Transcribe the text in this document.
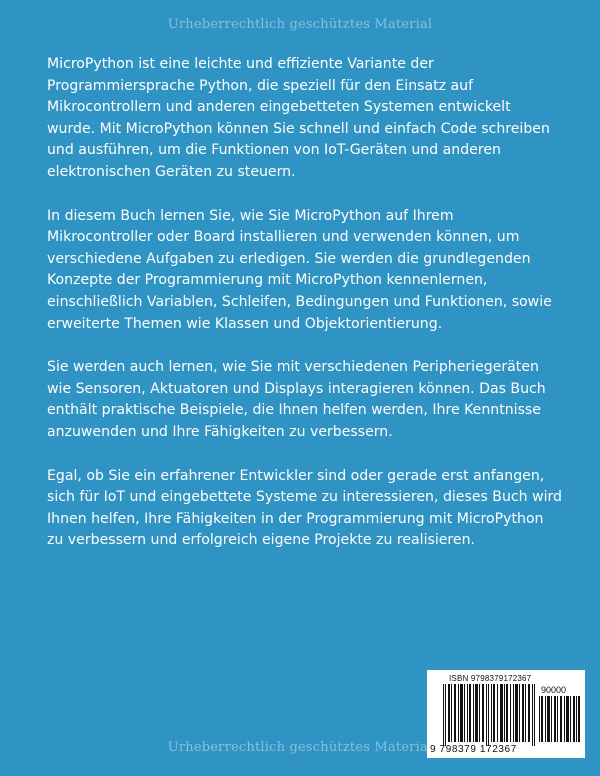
Urheberrechtlich geschütztes Material

MicroPython ist eine leichte und effiziente Variante der
Programmiersprache Python, die speziell für den Einsatz auf
Mikrocontrollern und anderen eingebetteten Systemen entwickelt
wurde. Mit MicroPython können Sie schnell und einfach Code schreiben
und ausführen, um die Funktionen von IoT-Geräten und anderen
elektronischen Geräten zu steuern.

In diesem Buch lernen Sie, wie Sie MicroPython auf Ihrem
Mikrocontroller oder Board installieren und verwenden können, um
verschiedene Aufgaben zu erledigen. Sie werden die grundlegenden
Konzepte der Programmierung mit MicroPython kennenlernen,
einschließlich Variablen, Schleifen, Bedingungen und Funktionen, sowie
erweiterte Themen wie Klassen und Objektorientierung.

Sie werden auch lernen, wie Sie mit verschiedenen Peripheriegeräten
wie Sensoren, Aktuatoren und Displays interagieren können. Das Buch
enthält praktische Beispiele, die Ihnen helfen werden, Ihre Kenntnisse
anzuwenden und Ihre Fähigkeiten zu verbessern.

Egal, ob Sie ein erfahrener Entwickler sind oder gerade erst anfangen,
sich für IoT und eingebettete Systeme zu interessieren, dieses Buch wird
Ihnen helfen, Ihre Fähigkeiten in der Programmierung mit MicroPython
zu verbessern und erfolgreich eigene Projekte zu realisieren.

ISBN 9798379172367
90000
9 798379 172367
Urheberrechtlich geschütztes Material
